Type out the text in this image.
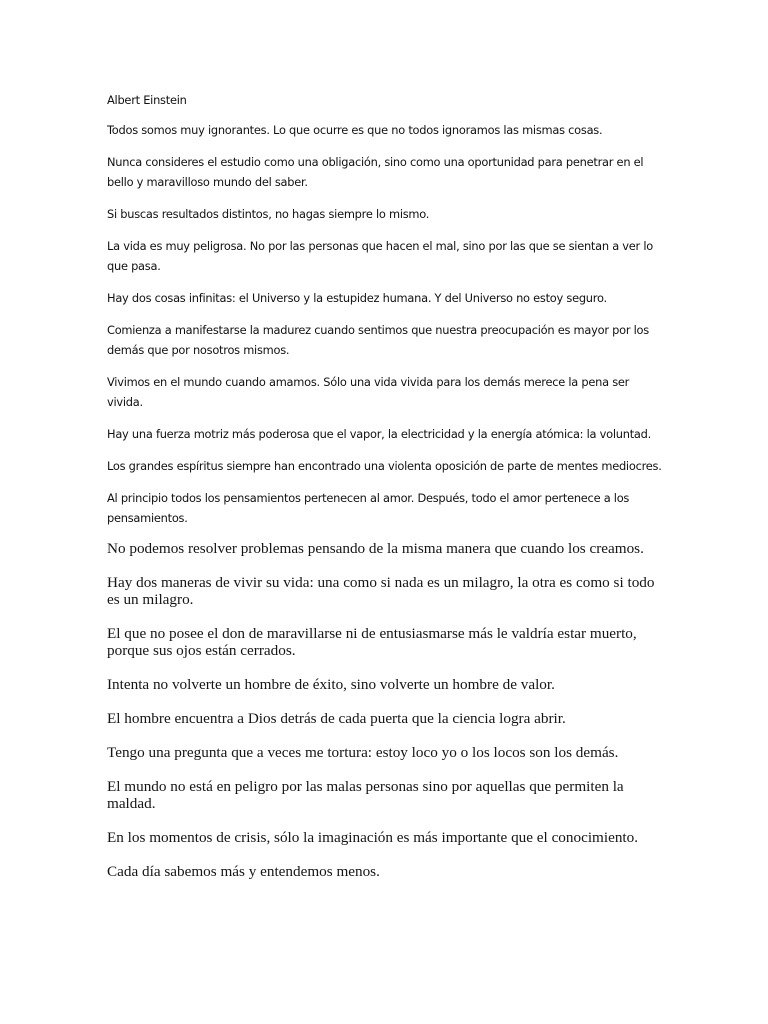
Albert Einstein

Todos somos muy ignorantes. Lo que ocurre es que no todos ignoramos las mismas cosas.

Nunca consideres el estudio como una obligación, sino como una oportunidad para penetrar en el bello y maravilloso mundo del saber.

Si buscas resultados distintos, no hagas siempre lo mismo.

La vida es muy peligrosa. No por las personas que hacen el mal, sino por las que se sientan a ver lo que pasa.

Hay dos cosas infinitas: el Universo y la estupidez humana. Y del Universo no estoy seguro.

Comienza a manifestarse la madurez cuando sentimos que nuestra preocupación es mayor por los demás que por nosotros mismos.

Vivimos en el mundo cuando amamos. Sólo una vida vivida para los demás merece la pena ser vivida.

Hay una fuerza motriz más poderosa que el vapor, la electricidad y la energía atómica: la voluntad.

Los grandes espíritus siempre han encontrado una violenta oposición de parte de mentes mediocres.

Al principio todos los pensamientos pertenecen al amor. Después, todo el amor pertenece a los pensamientos.

No podemos resolver problemas pensando de la misma manera que cuando los creamos.

Hay dos maneras de vivir su vida: una como si nada es un milagro, la otra es como si todo es un milagro.

El que no posee el don de maravillarse ni de entusiasmarse más le valdría estar muerto, porque sus ojos están cerrados.

Intenta no volverte un hombre de éxito, sino volverte un hombre de valor.

El hombre encuentra a Dios detrás de cada puerta que la ciencia logra abrir.

Tengo una pregunta que a veces me tortura: estoy loco yo o los locos son los demás.

El mundo no está en peligro por las malas personas sino por aquellas que permiten la maldad.

En los momentos de crisis, sólo la imaginación es más importante que el conocimiento.

Cada día sabemos más y entendemos menos.
